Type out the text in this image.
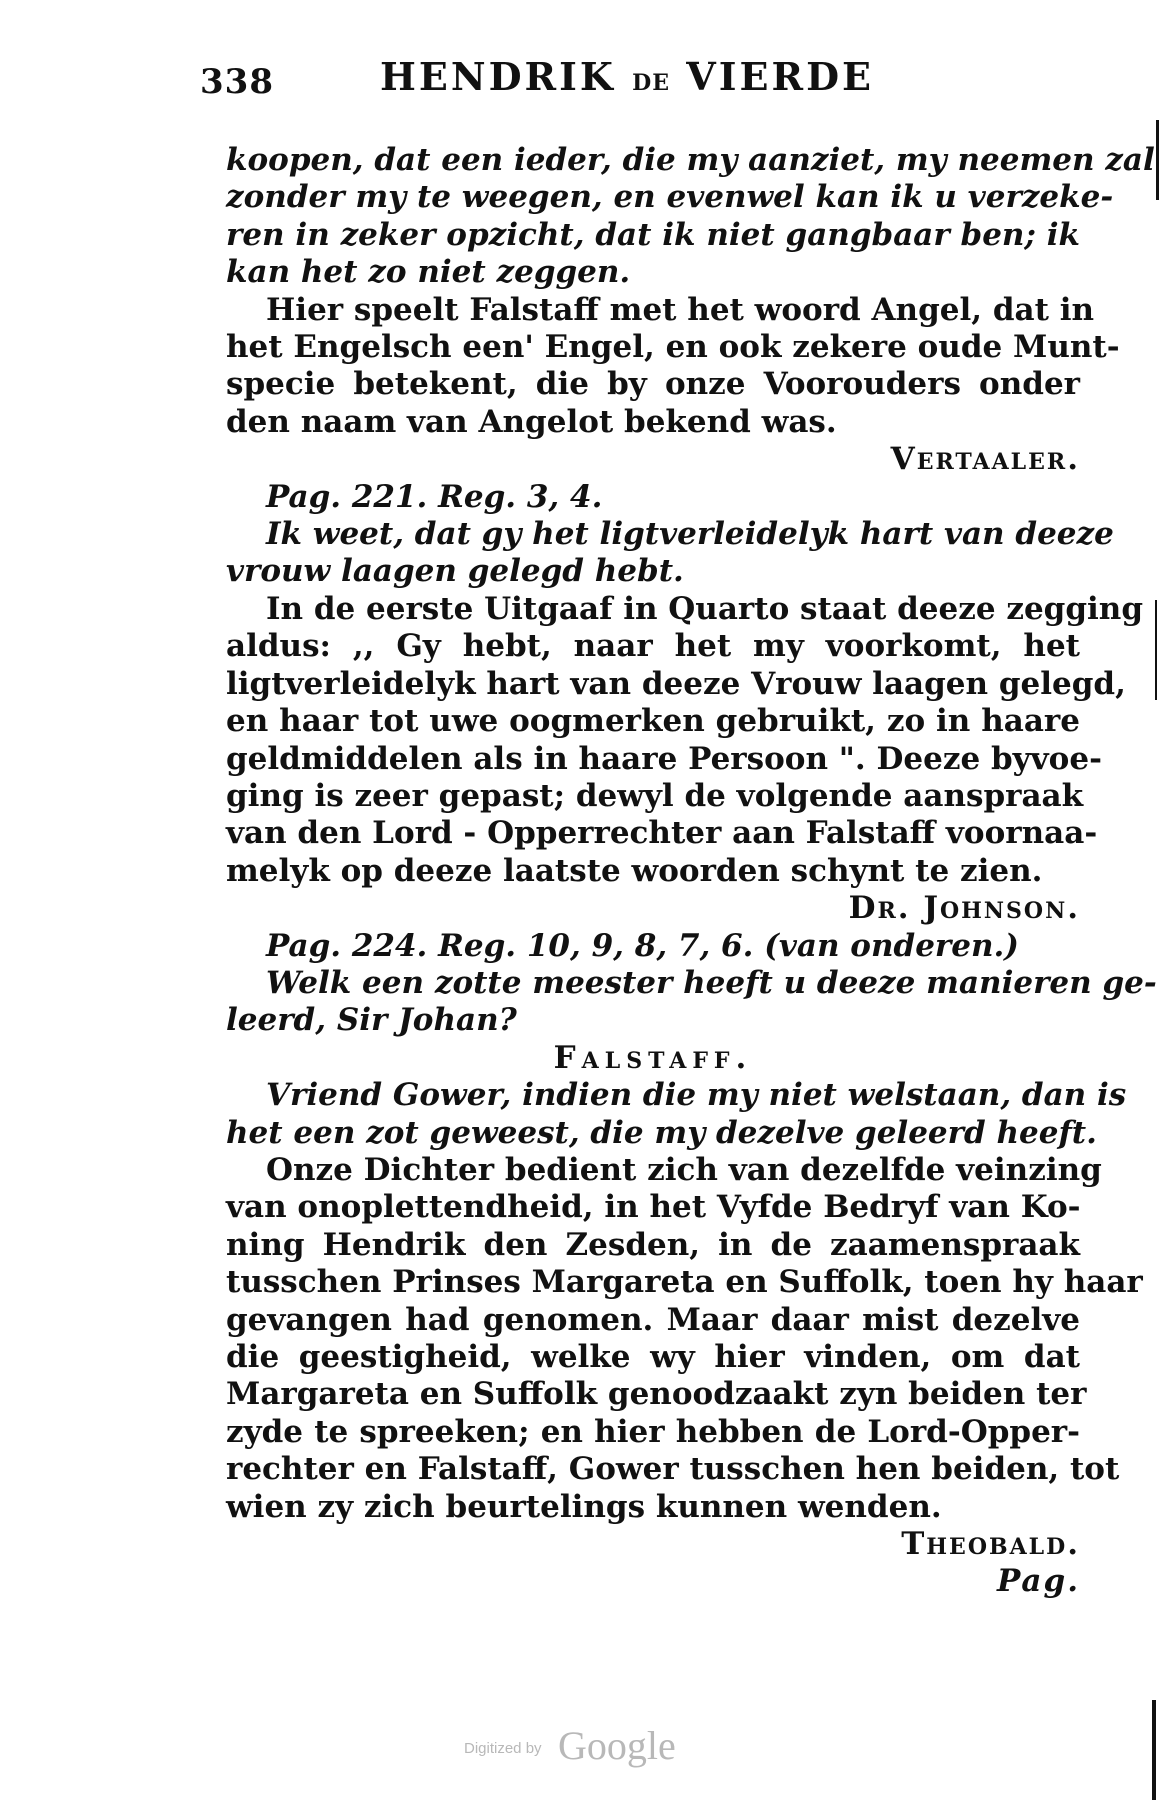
338	HENDRIK DE VIERDE
koopen, dat een ieder, die my aanziet, my neemen zal
zonder my te weegen, en evenwel kan ik u verzeke-
ren in zeker opzicht, dat ik niet gangbaar ben; ik
kan het zo niet zeggen.
Hier speelt Falstaff met het woord Angel, dat in
het Engelsch een' Engel, en ook zekere oude Munt-
specie betekent, die by onze Voorouders onder
den naam van Angelot bekend was.
Vertaaler.
Pag. 221. Reg. 3, 4.
Ik weet, dat gy het ligtverleidelyk hart van deeze
vrouw laagen gelegd hebt.
In de eerste Uitgaaf in Quarto staat deeze zegging
aldus: ,, Gy hebt, naar het my voorkomt, het
ligtverleidelyk hart van deeze Vrouw laagen gelegd,
en haar tot uwe oogmerken gebruikt, zo in haare
geldmiddelen als in haare Persoon ". Deeze byvoe-
ging is zeer gepast; dewyl de volgende aanspraak
van den Lord - Opperrechter aan Falstaff voornaa-
melyk op deeze laatste woorden schynt te zien.
Dr. Johnson.
Pag. 224. Reg. 10, 9, 8, 7, 6. (van onderen.)
Welk een zotte meester heeft u deeze manieren ge-
leerd, Sir Johan?
Falstaff.
Vriend Gower, indien die my niet welstaan, dan is
het een zot geweest, die my dezelve geleerd heeft.
Onze Dichter bedient zich van dezelfde veinzing
van onoplettendheid, in het Vyfde Bedryf van Ko-
ning Hendrik den Zesden, in de zaamenspraak
tusschen Prinses Margareta en Suffolk, toen hy haar
gevangen had genomen. Maar daar mist dezelve
die geestigheid, welke wy hier vinden, om dat
Margareta en Suffolk genoodzaakt zyn beiden ter
zyde te spreeken; en hier hebben de Lord-Opper-
rechter en Falstaff, Gower tusschen hen beiden, tot
wien zy zich beurtelings kunnen wenden.
Theobald.
Pag.
Digitized by Google
